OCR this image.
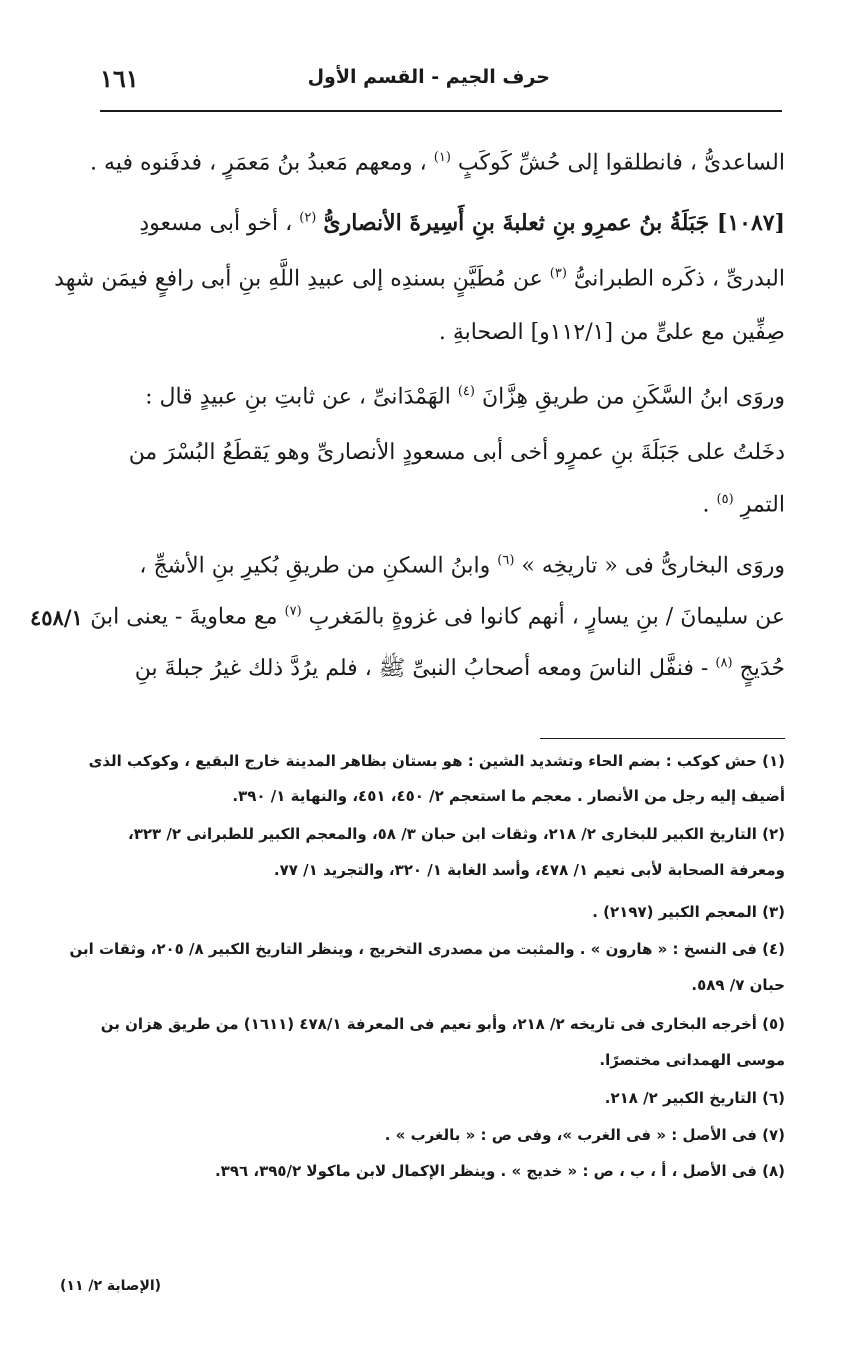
حرف الجيم - القسم الأول
١٦١
الساعدىُّ ، فانطلقوا إلى حُشِّ كَوكَبٍ $^{(١)}$ ، ومعهم مَعبدُ بنُ مَعمَرٍ ، فدفَنوه فيه .
[١٠٨٧] جَبَلَةُ بنُ عمرِو بنِ ثعلبةَ بنِ أَسِيرةَ الأنصارىُّ $^{(٢)}$ ، أخو أبى مسعودِ
البدرىِّ ، ذكَره الطبرانىُّ $^{(٣)}$ عن مُطَيَّنٍ بسندِه إلى عبيدِ اللَّهِ بنِ أبى رافعٍ فيمَن شهِد
صِفِّين مع علىٍّ من [١١٢/١و] الصحابةِ .
وروَى ابنُ السَّكَنِ من طريقِ هِزَّانَ $^{(٤)}$ الهَمْدَانىِّ ، عن ثابتِ بنِ عبيدٍ قال :
دخَلتُ على جَبَلَةَ بنِ عمرٍو أخى أبى مسعودٍ الأنصارىِّ وهو يَقطَعُ البُسْرَ من
التمرِ $^{(٥)}$ .
وروَى البخارىُّ فى « تاريخِه » $^{(٦)}$ وابنُ السكنِ من طريقِ بُكيرِ بنِ الأشجِّ ،
عن سليمانَ / بنِ يسارٍ ، أنهم كانوا فى غزوةٍ بالمَغربِ $^{(٧)}$ مع معاويةَ - يعنى ابنَ
حُدَيجٍ $^{(٨)}$ - فنفَّل الناسَ ومعه أصحابُ النبىِّ ﷺ ، فلم يرُدَّ ذلك غيرُ جبلةَ بنِ
٤٥٨/١
(١) حش كوكب : بضم الحاء وتشديد الشين : هو بستان بظاهر المدينة خارج البقيع ، وكوكب الذى
أضيف إليه رجل من الأنصار . معجم ما استعجم ٢/ ٤٥٠، ٤٥١، والنهاية ١/ ٣٩٠.
(٢) التاريخ الكبير للبخارى ٢/ ٢١٨، وثقات ابن حبان ٣/ ٥٨، والمعجم الكبير للطبرانى ٢/ ٣٢٣،
ومعرفة الصحابة لأبى نعيم ١/ ٤٧٨، وأسد الغابة ١/ ٣٢٠، والتجريد ١/ ٧٧.
(٣) المعجم الكبير (٢١٩٧) .
(٤) فى النسخ : « هارون » . والمثبت من مصدرى التخريج ، وينظر التاريخ الكبير ٨/ ٢٠٥، وثقات ابن
حبان ٧/ ٥٨٩.
(٥) أخرجه البخارى فى تاريخه ٢/ ٢١٨، وأبو نعيم فى المعرفة ٤٧٨/١ (١٦١١) من طريق هزان بن
موسى الهمدانى مختصرًا.
(٦) التاريخ الكبير ٢/ ٢١٨.
(٧) فى الأصل : « فى الغرب »، وفى ص : « بالغرب » .
(٨) فى الأصل ، أ ، ب ، ص : « خديج » . وينظر الإكمال لابن ماكولا ٣٩٥/٢، ٣٩٦.
(الإصابة ٢/ ١١)
